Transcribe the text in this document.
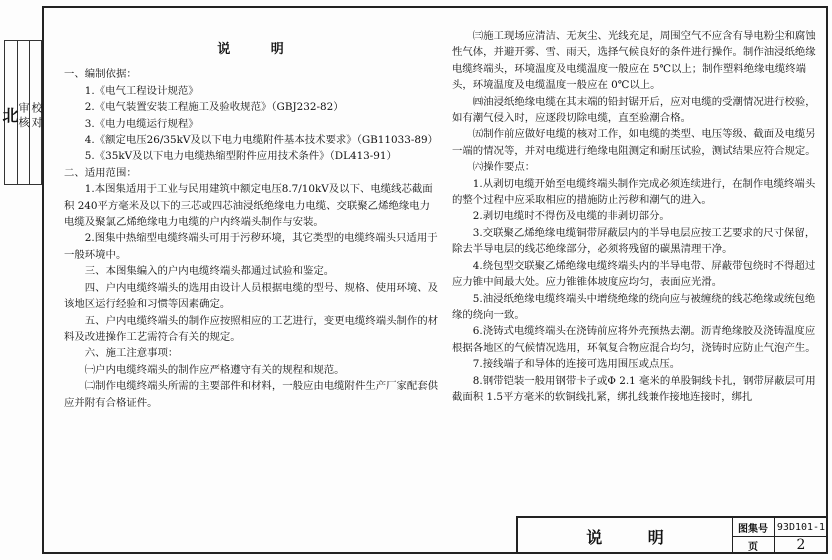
北
审 核 校 对
说 明

一、编制依据：

1.《电气工程设计规范》

2.《电气装置安装工程施工及验收规范》（GBJ232-82）

3.《电力电缆运行规程》

4.《额定电压26/35kV及以下电力电缆附件基本技术要求》（GB11033-89）

5.《35kV及以下电力电缆热缩型附件应用技术条件》（DL413-91）

二、适用范围：

1.本图集适用于工业与民用建筑中额定电压8.7/10kV及以下、电缆线芯截面积 240平方毫米及以下的三芯或四芯油浸纸绝缘电力电缆、交联聚乙烯绝缘电力电缆及聚氯乙烯绝缘电力电缆的户内终端头制作与安装。

2.图集中热缩型电缆终端头可用于污秽环境，其它类型的电缆终端头只适用于一般环境中。

三、本图集编入的户内电缆终端头都通过试验和鉴定。

四、户内电缆终端头的选用由设计人员根据电缆的型号、规格、使用环境、及该地区运行经验和习惯等因素确定。

五、户内电缆终端头的制作应按照相应的工艺进行，变更电缆终端头制作的材料及改进操作工艺需符合有关的规定。

六、施工注意事项：

㈠户内电缆终端头的制作应严格遵守有关的规程和规范。

㈡制作电缆终端头所需的主要部件和材料，一般应由电缆附件生产厂家配套供应并附有合格证件。

㈢施工现场应清洁、无灰尘、光线充足，周围空气不应含有导电粉尘和腐蚀性气体，并避开雾、雪、雨天，选择气候良好的条件进行操作。制作油浸纸绝缘电缆终端头，环境温度及电缆温度一般应在 5℃以上；制作塑料绝缘电缆终端头，环境温度及电缆温度一般应在 0℃以上。

㈣油浸纸绝缘电缆在其末端的铅封锯开后，应对电缆的受潮情况进行校验，如有潮气侵入时，应逐段切除电缆，直至验潮合格。

㈤制作前应做好电缆的核对工作，如电缆的类型、电压等级、截面及电缆另一端的情况等，并对电缆进行绝缘电阻测定和耐压试验，测试结果应符合规定。

㈥操作要点：

1.从剥切电缆开始至电缆终端头制作完成必须连续进行，在制作电缆终端头的整个过程中应采取相应的措施防止污秽和潮气的进入。

2.剥切电缆时不得伤及电缆的非剥切部分。

3.交联聚乙烯绝缘电缆铜带屏蔽层内的半导电层应按工艺要求的尺寸保留，除去半导电层的线芯绝缘部分，必须将残留的碳黑清理干净。

4.绕包型交联聚乙烯绝缘电缆终端头内的半导电带、屏蔽带包绕时不得超过应力锥中间最大处。应力锥锥体坡度应均匀，表面应光滑。

5.油浸纸绝缘电缆终端头中增绕绝缘的绕向应与被缠绕的线芯绝缘或统包绝缘的绕向一致。

6.浇铸式电缆终端头在浇铸前应将外壳预热去潮。沥青绝缘胶及浇铸温度应根据各地区的气候情况选用，环氧复合物应混合均匀，浇铸时应防止气泡产生。

7.接线端子和导体的连接可选用围压或点压。

8.钢带铠装一般用钢带卡子或Φ 2.1 毫米的单股铜线卡扎，钢带屏蔽层可用截面积 1.5平方毫米的软铜线扎紧，绑扎线兼作接地连接时，绑扎

说 明	图集号 93D101-1
页	2
